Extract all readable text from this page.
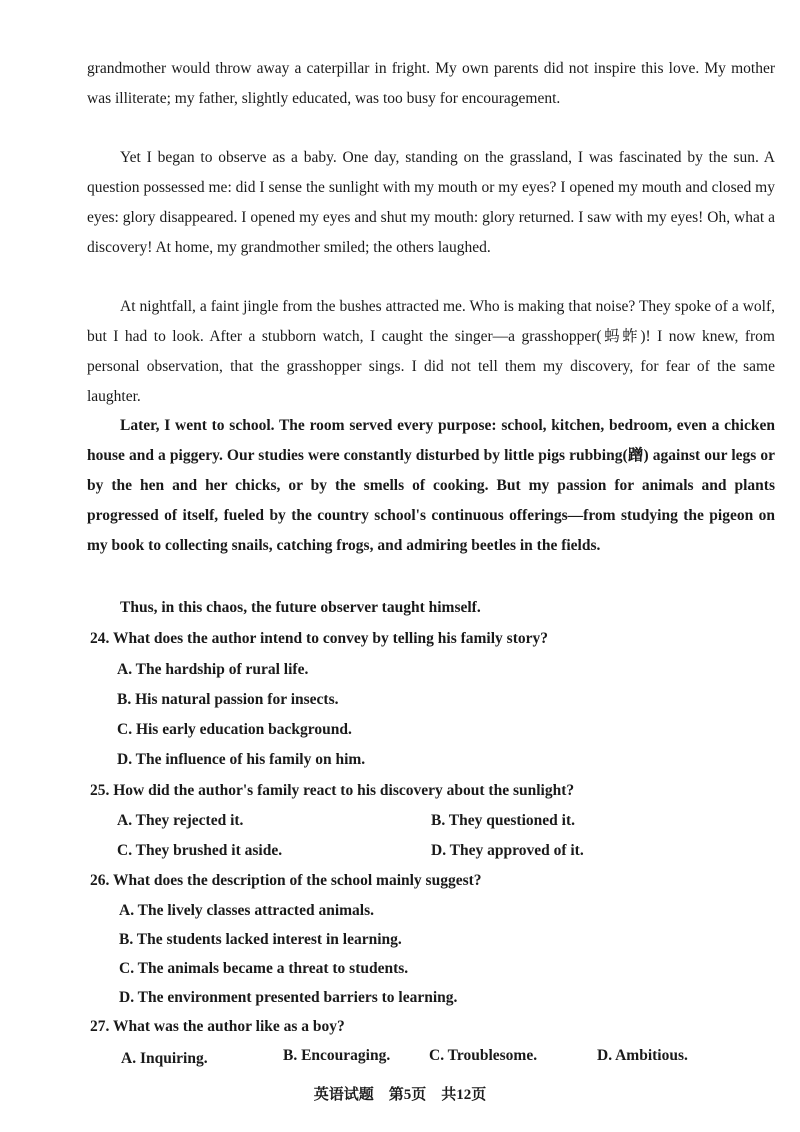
grandmother would throw away a caterpillar in fright. My own parents did not inspire this love. My mother was illiterate; my father, slightly educated, was too busy for encouragement.

Yet I began to observe as a baby. One day, standing on the grassland, I was fascinated by the sun. A question possessed me: did I sense the sunlight with my mouth or my eyes? I opened my mouth and closed my eyes: glory disappeared. I opened my eyes and shut my mouth: glory returned. I saw with my eyes! Oh, what a discovery! At home, my grandmother smiled; the others laughed.

At nightfall, a faint jingle from the bushes attracted me. Who is making that noise? They spoke of a wolf, but I had to look. After a stubborn watch, I caught the singer—a grasshopper(蚂蚱)! I now knew, from personal observation, that the grasshopper sings. I did not tell them my discovery, for fear of the same laughter.

Later, I went to school. The room served every purpose: school, kitchen, bedroom, even a chicken house and a piggery. Our studies were constantly disturbed by little pigs rubbing(蹭) against our legs or by the hen and her chicks, or by the smells of cooking. But my passion for animals and plants progressed of itself, fueled by the country school's continuous offerings—from studying the pigeon on my book to collecting snails, catching frogs, and admiring beetles in the fields.

Thus, in this chaos, the future observer taught himself.

24. What does the author intend to convey by telling his family story?
A. The hardship of rural life.
B. His natural passion for insects.
C. His early education background.
D. The influence of his family on him.
25. How did the author's family react to his discovery about the sunlight?
A. They rejected it.	B. They questioned it.
C. They brushed it aside.	D. They approved of it.
26. What does the description of the school mainly suggest?
A. The lively classes attracted animals.
B. The students lacked interest in learning.
C. The animals became a threat to students.
D. The environment presented barriers to learning.
27. What was the author like as a boy?
A. Inquiring.	B. Encouraging.	C. Troublesome.	D. Ambitious.
英语试题　第5页　共12页
